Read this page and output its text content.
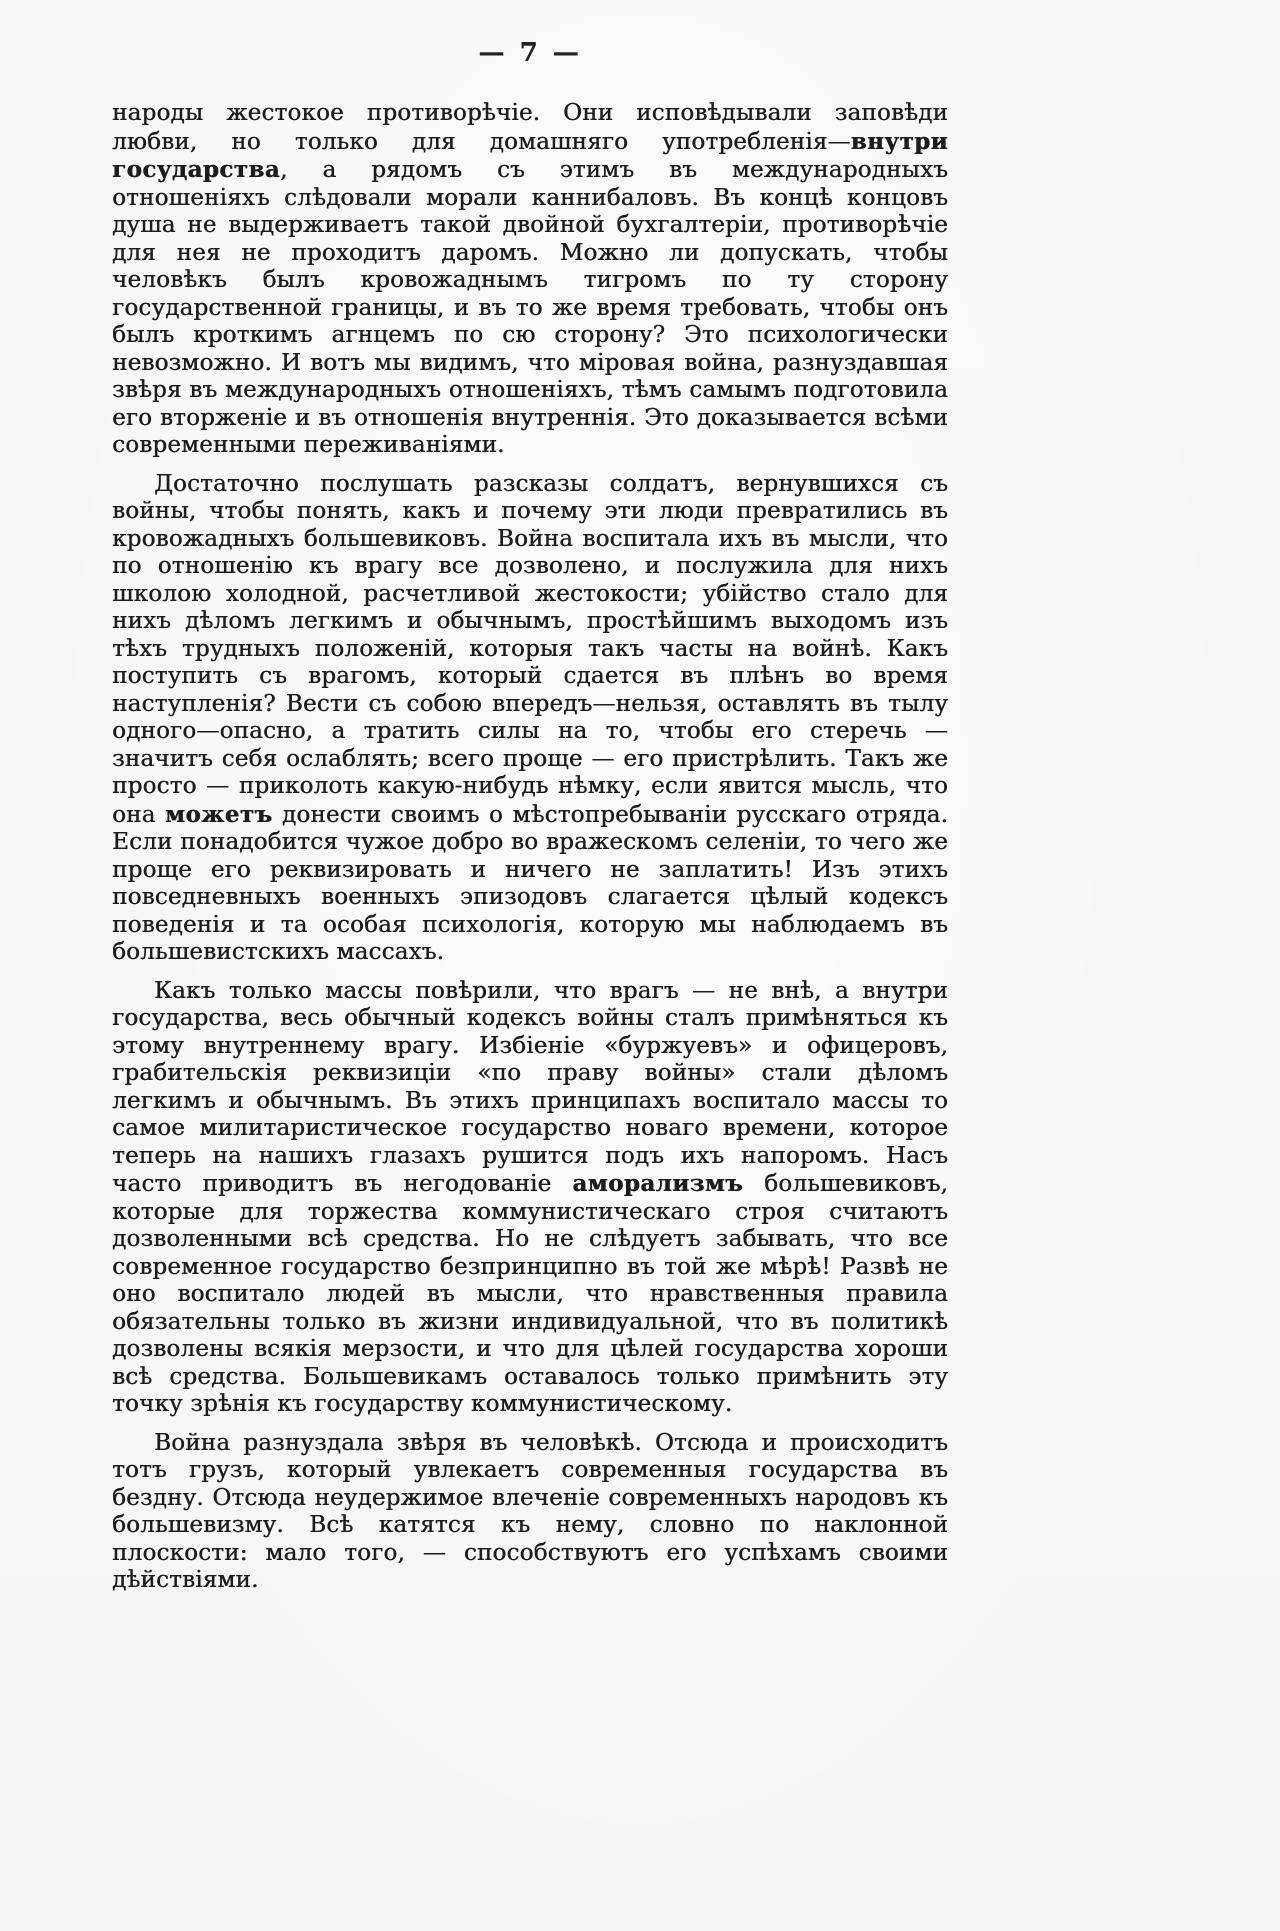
— 7 —

народы жестокое противорѣчіе. Они исповѣдывали заповѣди любви, но только для домашняго употребленія—внутри государства, а рядомъ съ этимъ въ международныхъ отношеніяхъ слѣдовали морали каннибаловъ. Въ концѣ концовъ душа не выдерживаетъ такой двойной бухгалтеріи, противорѣчіе для нея не проходитъ даромъ. Можно ли допускать, чтобы человѣкъ былъ кровожаднымъ тигромъ по ту сторону государственной границы, и въ то же время требовать, чтобы онъ былъ кроткимъ агнцемъ по сю сторону? Это психологически невозможно. И вотъ мы видимъ, что міровая война, разнуздавшая звѣря въ международныхъ отношеніяхъ, тѣмъ самымъ подготовила его вторженіе и въ отношенія внутреннія. Это доказывается всѣми современными переживаніями.

Достаточно послушать разсказы солдатъ, вернувшихся съ войны, чтобы понять, какъ и почему эти люди превратились въ кровожадныхъ большевиковъ. Война воспитала ихъ въ мысли, что по отношенію къ врагу все дозволено, и послужила для нихъ школою холодной, расчетливой жестокости; убійство стало для нихъ дѣломъ легкимъ и обычнымъ, простѣйшимъ выходомъ изъ тѣхъ трудныхъ положеній, которыя такъ часты на войнѣ. Какъ поступить съ врагомъ, который сдается въ плѣнъ во время наступленія? Вести съ собою впередъ—нельзя, оставлять въ тылу одного—опасно, а тратить силы на то, чтобы его стеречь — значитъ себя ослаблять; всего проще — его пристрѣлить. Такъ же просто — приколоть какую-нибудь нѣмку, если явится мысль, что она можетъ донести своимъ о мѣстопребываніи русскаго отряда. Если понадобится чужое добро во вражескомъ селеніи, то чего же проще его реквизировать и ничего не заплатить! Изъ этихъ повседневныхъ военныхъ эпизодовъ слагается цѣлый кодексъ поведенія и та особая психологія, которую мы наблюдаемъ въ большевистскихъ массахъ.

Какъ только массы повѣрили, что врагъ — не внѣ, а внутри государства, весь обычный кодексъ войны сталъ примѣняться къ этому внутреннему врагу. Избіеніе «буржуевъ» и офицеровъ, грабительскія реквизиціи «по праву войны» стали дѣломъ легкимъ и обычнымъ. Въ этихъ принципахъ воспитало массы то самое милитаристическое государство новаго времени, которое теперь на нашихъ глазахъ рушится подъ ихъ напоромъ. Насъ часто приводитъ въ негодованіе аморализмъ большевиковъ, которые для торжества коммунистическаго строя считаютъ дозволенными всѣ средства. Но не слѣдуетъ забывать, что все современное государство безпринципно въ той же мѣрѣ! Развѣ не оно воспитало людей въ мысли, что нравственныя правила обязательны только въ жизни индивидуальной, что въ политикѣ дозволены всякія мерзости, и что для цѣлей государства хороши всѣ средства. Большевикамъ оставалось только примѣнить эту точку зрѣнія къ государству коммунистическому.

Война разнуздала звѣря въ человѣкѣ. Отсюда и происходитъ тотъ грузъ, который увлекаетъ современныя государства въ бездну. Отсюда неудержимое влеченіе современныхъ народовъ къ большевизму. Всѣ катятся къ нему, словно по наклонной плоскости: мало того, — способствуютъ его успѣхамъ своими дѣйствіями.
